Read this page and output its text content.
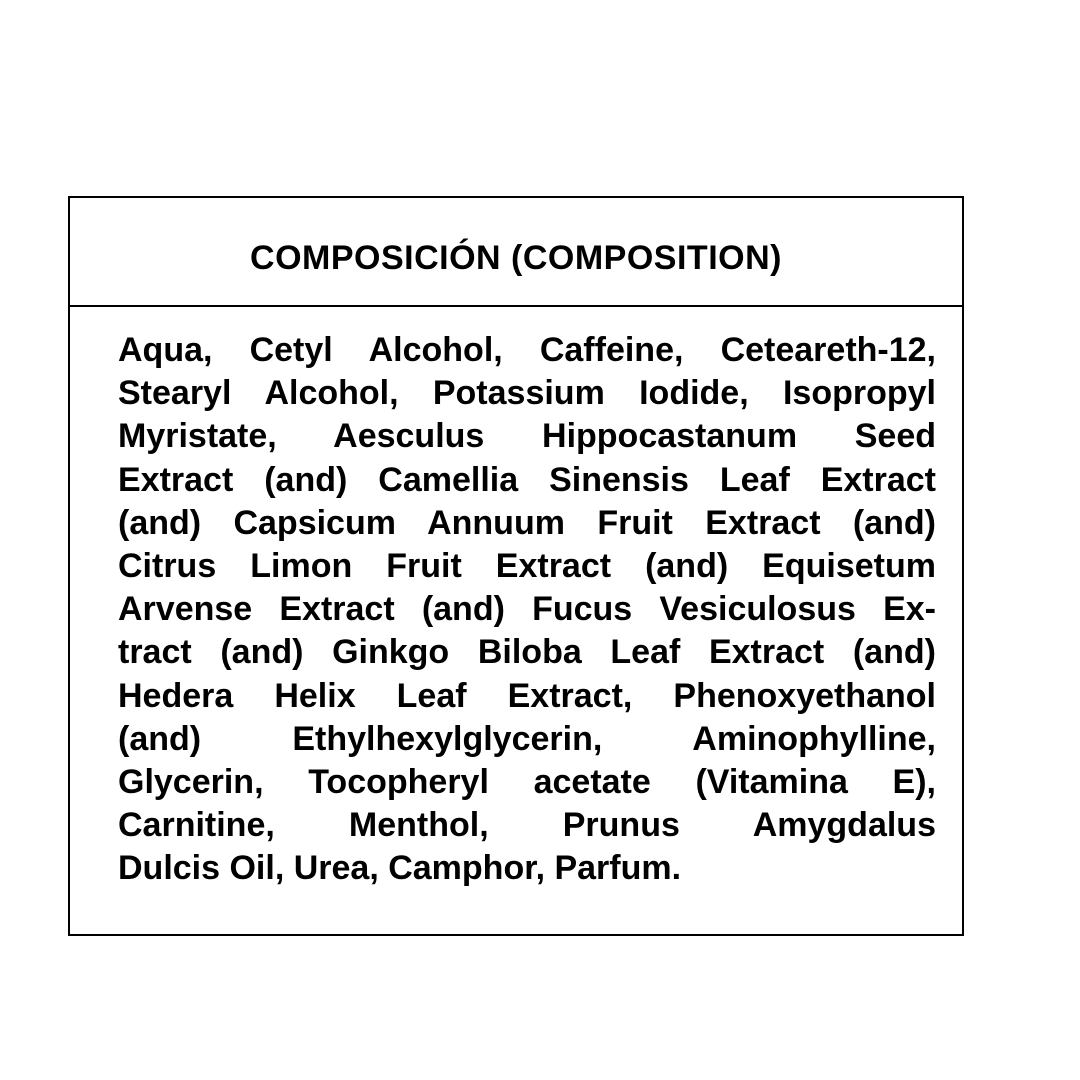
COMPOSICIÓN (COMPOSITION)
Aqua, Cetyl Alcohol, Caffeine, Ceteareth-12,
Stearyl Alcohol, Potassium Iodide, Isopropyl
Myristate, Aesculus Hippocastanum Seed
Extract (and) Camellia Sinensis Leaf Extract
(and) Capsicum Annuum Fruit Extract (and)
Citrus Limon Fruit Extract (and) Equisetum
Arvense Extract (and) Fucus Vesiculosus Ex-
tract (and) Ginkgo Biloba Leaf Extract (and)
Hedera Helix Leaf Extract, Phenoxyethanol
(and) Ethylhexylglycerin, Aminophylline,
Glycerin, Tocopheryl acetate (Vitamina E),
Carnitine, Menthol, Prunus Amygdalus
Dulcis Oil, Urea, Camphor, Parfum.
